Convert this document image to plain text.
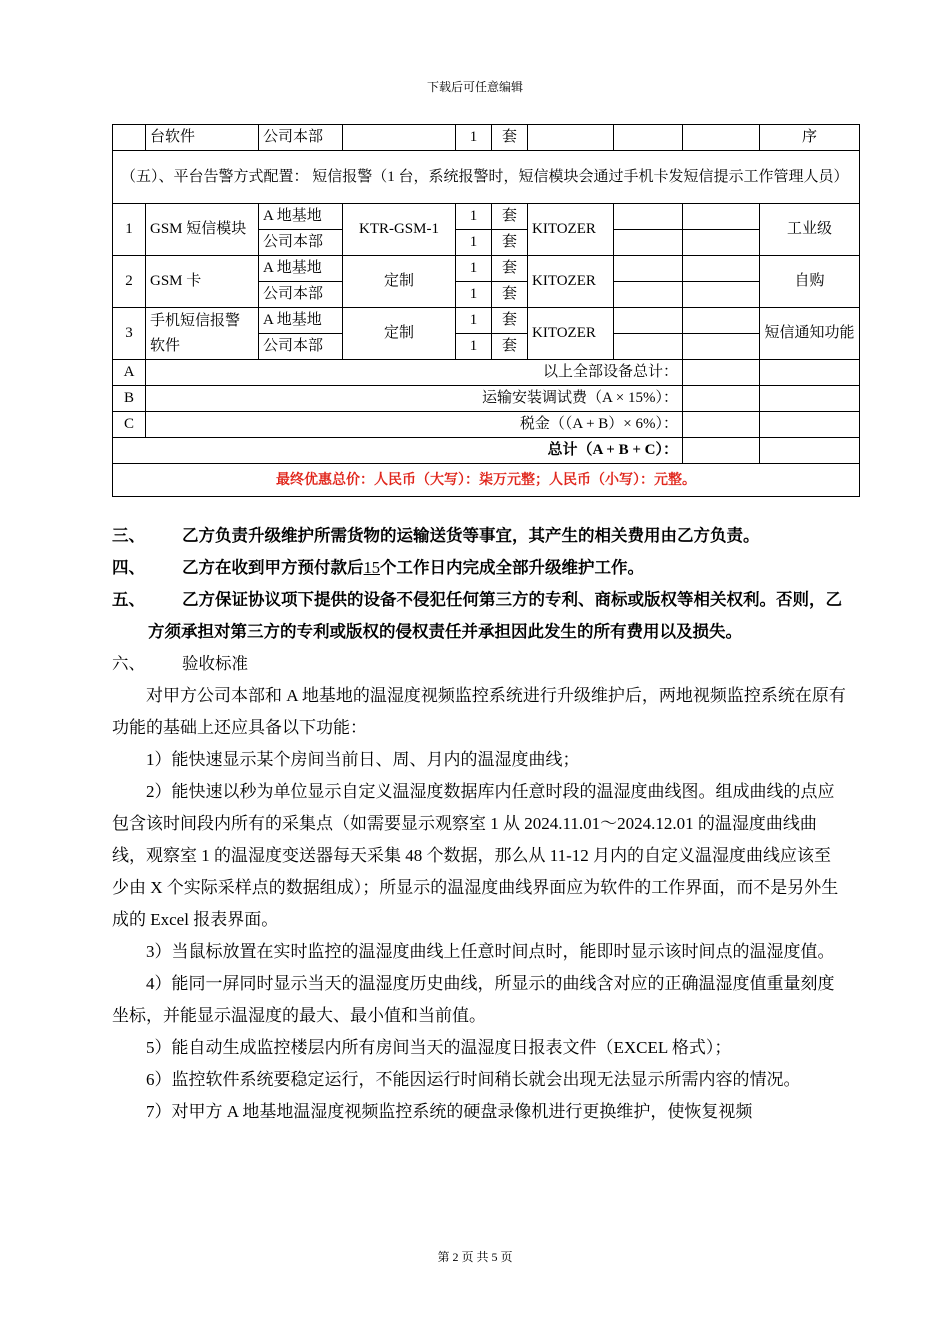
下载后可任意编辑
	台软件	公司本部		1	套				序
（五）、平台告警方式配置： 短信报警（1 台，系统报警时，短信模块会通过手机卡发短信提示工作管理人员）									
1	GSM 短信模块	A 地基地	KTR-GSM-1	1	套	KITOZER			工业级
		公司本部		1	套				
2	GSM 卡	A 地基地	定制	1	套	KITOZER			自购
		公司本部		1	套				
3	手机短信报警软件	A 地基地	定制	1	套	KITOZER			短信通知功能
		公司本部		1	套				
A	以上全部设备总计：								
B	运输安装调试费（A × 15%）：								
C	税金（（A + B）× 6%）：								
总计（A + B + C）：									
最终优惠总价：人民币（大写）：柒万元整；人民币（小写）：元整。									
三、	乙方负责升级维护所需货物的运输送货等事宜，其产生的相关费用由乙方负责。
四、	乙方在收到甲方预付款后15个工作日内完成全部升级维护工作。
五、	乙方保证协议项下提供的设备不侵犯任何第三方的专利、商标或版权等相关权利。否则，乙方须承担对第三方的专利或版权的侵权责任并承担因此发生的所有费用以及损失。
六、	验收标准

对甲方公司本部和 A 地基地的温湿度视频监控系统进行升级维护后，两地视频监控系统在原有功能的基础上还应具备以下功能：

1）能快速显示某个房间当前日、周、月内的温湿度曲线；

2）能快速以秒为单位显示自定义温湿度数据库内任意时段的温湿度曲线图。组成曲线的点应包含该时间段内所有的采集点（如需要显示观察室 1 从 2024.11.01～2024.12.01 的温湿度曲线曲线，观察室 1 的温湿度变送器每天采集 48 个数据，那么从 11-12 月内的自定义温湿度曲线应该至少由 X 个实际采样点的数据组成）；所显示的温湿度曲线界面应为软件的工作界面，而不是另外生成的 Excel 报表界面。

3）当鼠标放置在实时监控的温湿度曲线上任意时间点时，能即时显示该时间点的温湿度值。

4）能同一屏同时显示当天的温湿度历史曲线，所显示的曲线含对应的正确温湿度值重量刻度坐标，并能显示温湿度的最大、最小值和当前值。

5）能自动生成监控楼层内所有房间当天的温湿度日报表文件（EXCEL 格式）；

6）监控软件系统要稳定运行，不能因运行时间稍长就会出现无法显示所需内容的情况。

7）对甲方 A 地基地温湿度视频监控系统的硬盘录像机进行更换维护，使恢复视频

第 2 页 共 5 页
